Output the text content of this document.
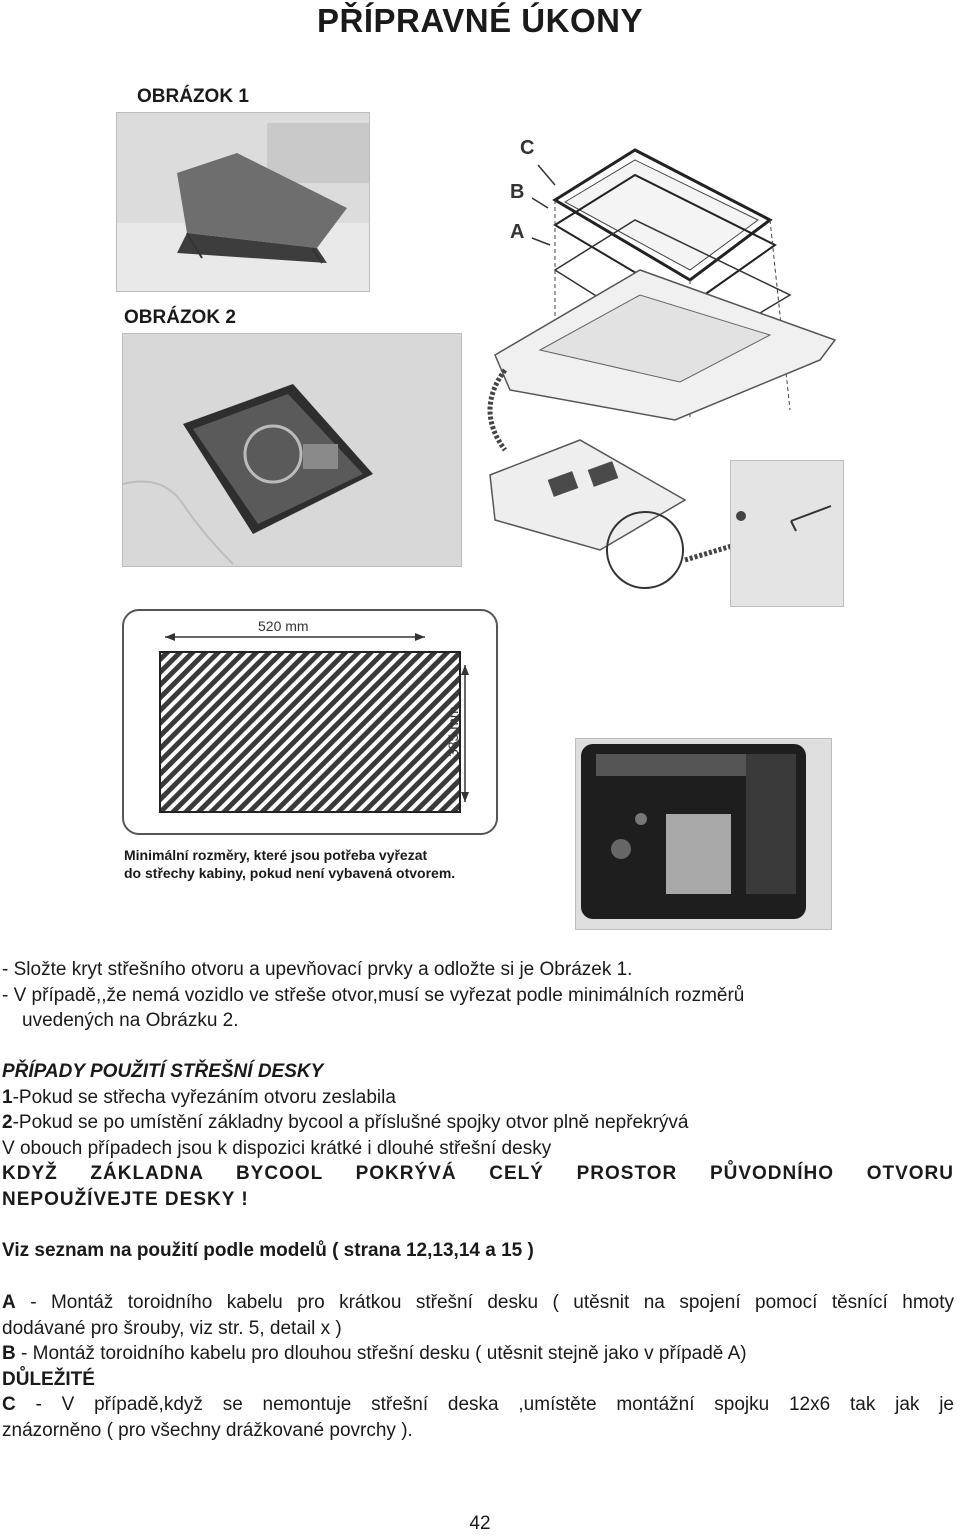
PŘÍPRAVNÉ ÚKONY
OBRÁZOK 1
OBRÁZOK 2
C
B
A
520 mm
385 mm
Minimální rozměry, které jsou potřeba vyřezat
do střechy kabiny, pokud není vybavená otvorem.
- Složte kryt střešního otvoru a upevňovací prvky a odložte si je Obrázek 1.
- V případě,,že nemá vozidlo ve střeše otvor,musí se vyřezat podle minimálních rozměrů
uvedených na Obrázku 2.
PŘÍPADY POUŽITÍ STŘEŠNÍ DESKY
1-Pokud se střecha vyřezáním otvoru zeslabila
2-Pokud se po umístění základny bycool a příslušné spojky otvor plně nepřekrývá
V obouch případech jsou k dispozici krátké i dlouhé střešní desky
KDYŽ ZÁKLADNA BYCOOL POKRÝVÁ CELÝ PROSTOR PŮVODNÍHO OTVORU
NEPOUŽÍVEJTE DESKY !
Viz seznam na použití podle modelů ( strana 12,13,14 a 15 )
A - Montáž toroidního kabelu pro krátkou střešní desku ( utěsnit na spojení pomocí těsnící hmoty
dodávané pro šrouby, viz str. 5, detail x )
B - Montáž toroidního kabelu pro dlouhou střešní desku ( utěsnit stejně jako v případě A)
DŮLEŽITÉ
C - V případě,když se nemontuje střešní deska ,umístěte montážní spojku 12x6 tak jak je
znázorněno ( pro všechny drážkované povrchy ).
42
